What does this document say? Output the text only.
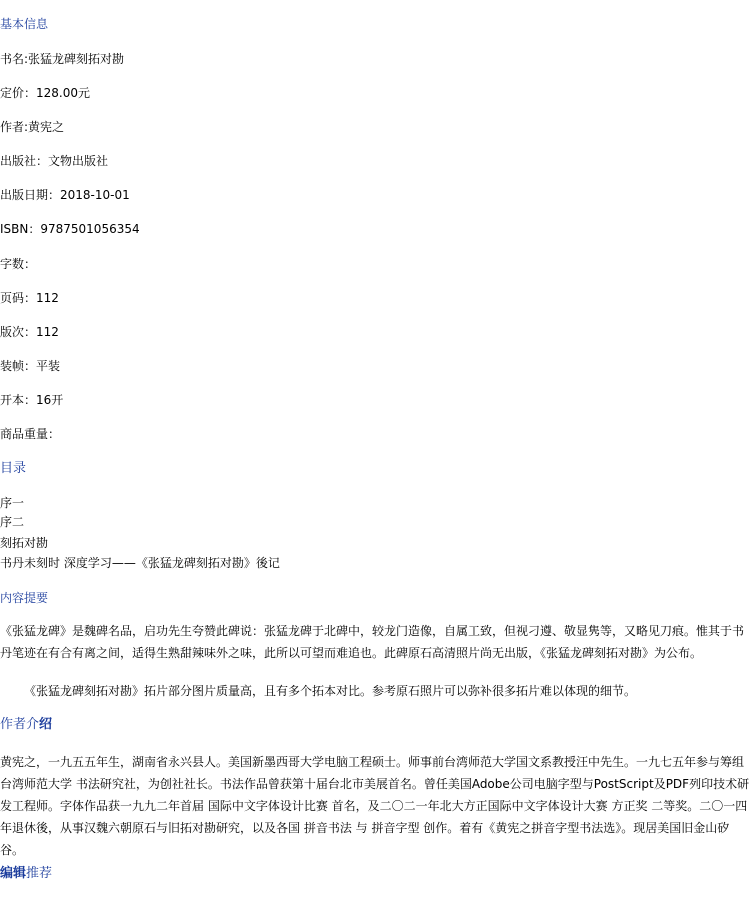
基本信息
书名:张猛龙碑刻拓对勘
定价：128.00元
作者:黄宪之
出版社：文物出版社
出版日期：2018-10-01
ISBN：9787501056354
字数：
页码：112
版次：112
装帧：平装
开本：16开
商品重量：
目录
序一
序二
刻拓对勘
书丹未刻时 深度学习——《张猛龙碑刻拓对勘》後记
内容提要
《张猛龙碑》是魏碑名品，启功先生夸赞此碑说：张猛龙碑于北碑中，较龙门造像，自属工致，但视刁遵、敬显隽等，又略见刀痕。惟其于书丹笔迹在有合有离之间，适得生熟甜辣味外之味，此所以可望而难追也。此碑原石高清照片尚无出版，《张猛龙碑刻拓对勘》为公布。
《张猛龙碑刻拓对勘》拓片部分图片质量高，且有多个拓本对比。参考原石照片可以弥补很多拓片难以体现的细节。
作者介绍
黄宪之，一九五五年生，湖南省永兴县人。美国新墨西哥大学电脑工程硕士。师事前台湾师范大学国文系教授汪中先生。一九七五年参与筹组台湾师范大学 书法研究社，为创社社长。书法作品曾获第十届台北市美展首名。曾任美国Adobe公司电脑字型与PostScript及PDF列印技术研发工程师。字体作品获一九九二年首届 国际中文字体设计比赛 首名，及二〇二一年北大方正国际中文字体设计大赛 方正奖 二等奖。二〇一四年退休後，从事汉魏六朝原石与旧拓对勘研究，以及各国 拼音书法 与 拼音字型 创作。着有《黄宪之拼音字型书法选》。现居美国旧金山矽谷。
编辑推荐
